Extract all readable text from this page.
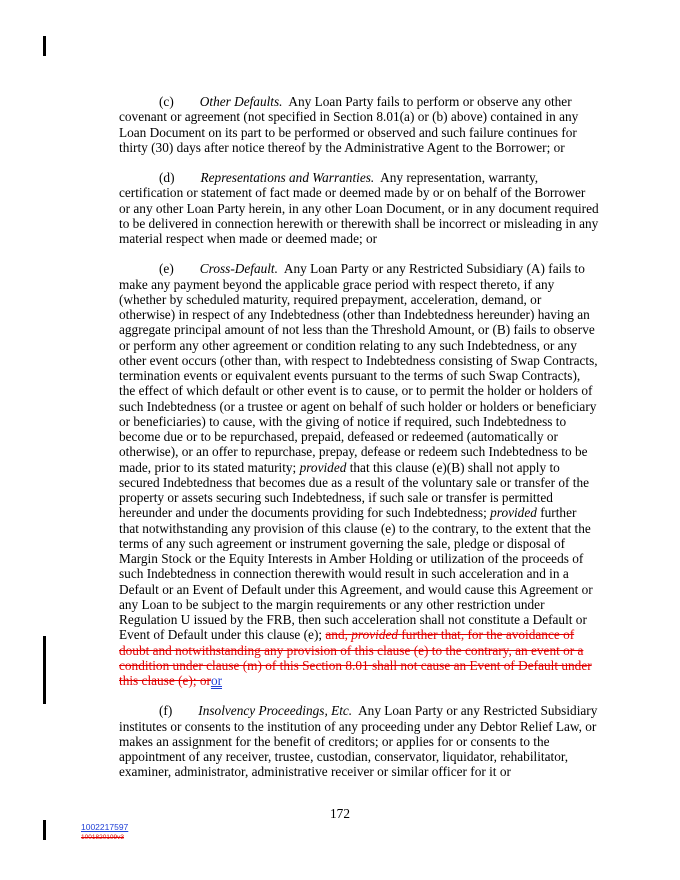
(c) Other Defaults. Any Loan Party fails to perform or observe any other covenant or agreement (not specified in Section 8.01(a) or (b) above) contained in any Loan Document on its part to be performed or observed and such failure continues for thirty (30) days after notice thereof by the Administrative Agent to the Borrower; or

(d) Representations and Warranties. Any representation, warranty, certification or statement of fact made or deemed made by or on behalf of the Borrower or any other Loan Party herein, in any other Loan Document, or in any document required to be delivered in connection herewith or therewith shall be incorrect or misleading in any material respect when made or deemed made; or

(e) Cross-Default. Any Loan Party or any Restricted Subsidiary (A) fails to make any payment beyond the applicable grace period with respect thereto, if any (whether by scheduled maturity, required prepayment, acceleration, demand, or otherwise) in respect of any Indebtedness (other than Indebtedness hereunder) having an aggregate principal amount of not less than the Threshold Amount, or (B) fails to observe or perform any other agreement or condition relating to any such Indebtedness, or any other event occurs (other than, with respect to Indebtedness consisting of Swap Contracts, termination events or equivalent events pursuant to the terms of such Swap Contracts), the effect of which default or other event is to cause, or to permit the holder or holders of such Indebtedness (or a trustee or agent on behalf of such holder or holders or beneficiary or beneficiaries) to cause, with the giving of notice if required, such Indebtedness to become due or to be repurchased, prepaid, defeased or redeemed (automatically or otherwise), or an offer to repurchase, prepay, defease or redeem such Indebtedness to be made, prior to its stated maturity; provided that this clause (e)(B) shall not apply to secured Indebtedness that becomes due as a result of the voluntary sale or transfer of the property or assets securing such Indebtedness, if such sale or transfer is permitted hereunder and under the documents providing for such Indebtedness; provided further that notwithstanding any provision of this clause (e) to the contrary, to the extent that the terms of any such agreement or instrument governing the sale, pledge or disposal of Margin Stock or the Equity Interests in Amber Holding or utilization of the proceeds of such Indebtedness in connection therewith would result in such acceleration and in a Default or an Event of Default under this Agreement, and would cause this Agreement or any Loan to be subject to the margin requirements or any other restriction under Regulation U issued by the FRB, then such acceleration shall not constitute a Default or Event of Default under this clause (e); and, provided further that, for the avoidance of doubt and notwithstanding any provision of this clause (e) to the contrary, an event or a condition under clause (m) of this Section 8.01 shall not cause an Event of Default under this clause (e); oror

(f) Insolvency Proceedings, Etc. Any Loan Party or any Restricted Subsidiary institutes or consents to the institution of any proceeding under any Debtor Relief Law, or makes an assignment for the benefit of creditors; or applies for or consents to the appointment of any receiver, trustee, custodian, conservator, liquidator, rehabilitator, examiner, administrator, administrative receiver or similar officer for it or

172
1002217597
1001820109v3
